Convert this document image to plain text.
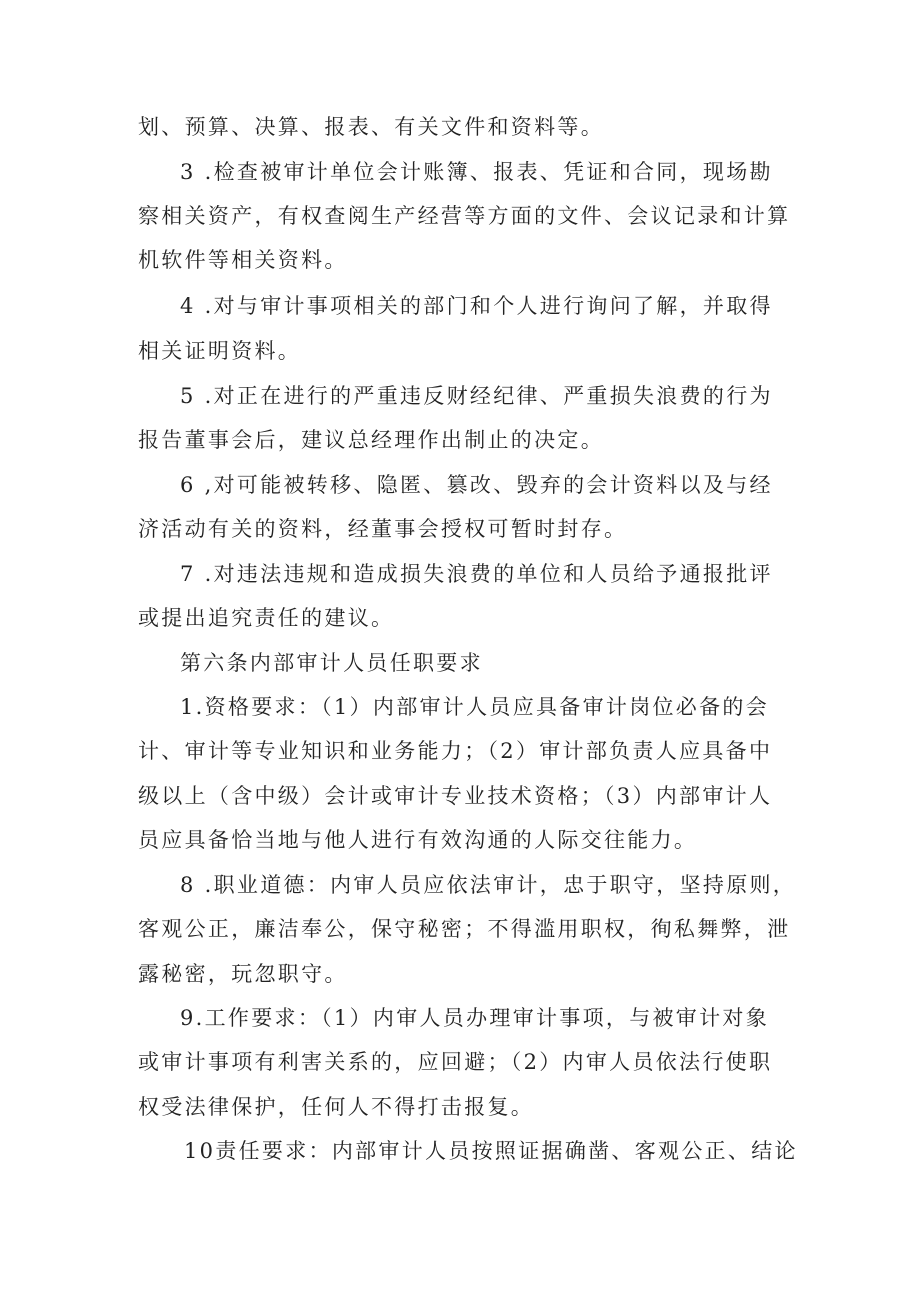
划、预算、决算、报表、有关文件和资料等。

3 .检查被审计单位会计账簿、报表、凭证和合同，现场勘

察相关资产，有权查阅生产经营等方面的文件、会议记录和计算

机软件等相关资料。

4 .对与审计事项相关的部门和个人进行询问了解，并取得

相关证明资料。

5 .对正在进行的严重违反财经纪律、严重损失浪费的行为

报告董事会后，建议总经理作出制止的决定。

6 ,对可能被转移、隐匿、篡改、毁弃的会计资料以及与经

济活动有关的资料，经董事会授权可暂时封存。

7 .对违法违规和造成损失浪费的单位和人员给予通报批评

或提出追究责任的建议。

第六条内部审计人员任职要求

1.资格要求：（1）内部审计人员应具备审计岗位必备的会

计、审计等专业知识和业务能力；（2）审计部负责人应具备中

级以上（含中级）会计或审计专业技术资格；（3）内部审计人

员应具备恰当地与他人进行有效沟通的人际交往能力。

8 .职业道德：内审人员应依法审计，忠于职守，坚持原则，

客观公正，廉洁奉公，保守秘密；不得滥用职权，徇私舞弊，泄

露秘密，玩忽职守。

9.工作要求：（1）内审人员办理审计事项，与被审计对象

或审计事项有利害关系的，应回避；（2）内审人员依法行使职

权受法律保护，任何人不得打击报复。

10责任要求：内部审计人员按照证据确凿、客观公正、结论
